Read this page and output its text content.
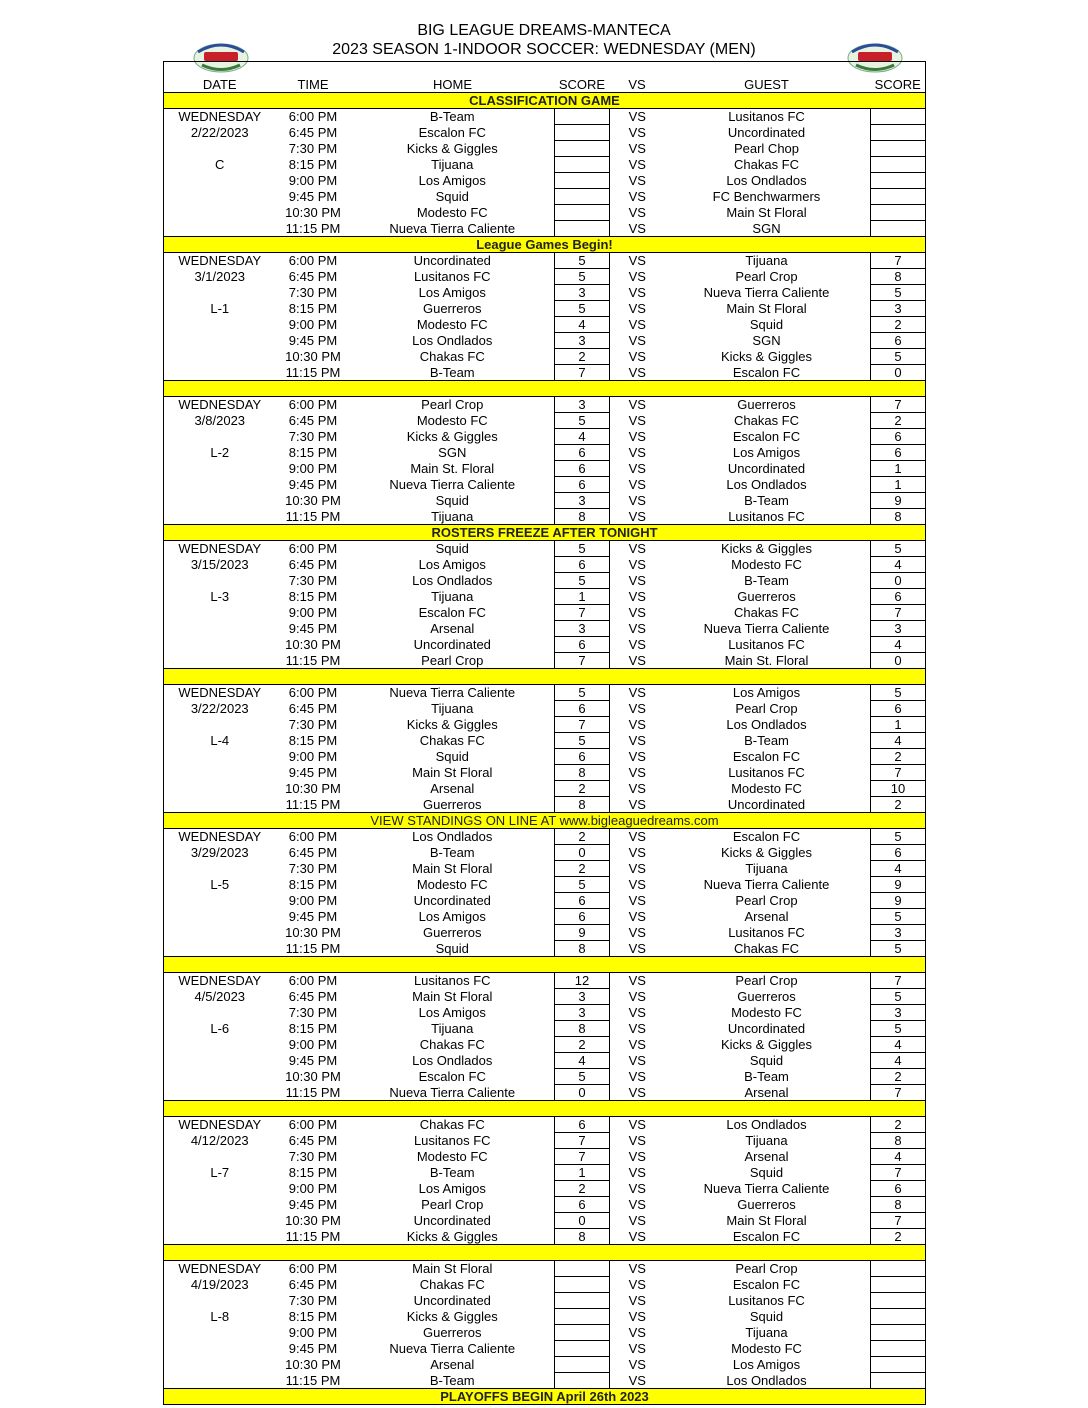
BIG LEAGUE DREAMS-MANTECA
2023 SEASON 1-INDOOR SOCCER: WEDNESDAY (MEN)

DATE	TIME	HOME	SCORE	VS	GUEST		SCORE
CLASSIFICATION GAME							
WEDNESDAY	6:00 PM	B-Team		VS	Lusitanos FC		
2/22/2023	6:45 PM	Escalon FC		VS	Uncordinated		
	7:30 PM	Kicks & Giggles		VS	Pearl Chop		
C	8:15 PM	Tijuana		VS	Chakas FC		
	9:00 PM	Los Amigos		VS	Los Ondlados		
	9:45 PM	Squid		VS	FC Benchwarmers		
	10:30 PM	Modesto FC		VS	Main St Floral		
	11:15 PM	Nueva Tierra Caliente		VS	SGN		
League Games Begin!							
WEDNESDAY	6:00 PM	Uncordinated	5	VS	Tijuana		7
3/1/2023	6:45 PM	Lusitanos FC	5	VS	Pearl Crop		8
	7:30 PM	Los Amigos	3	VS	Nueva Tierra Caliente		5
L-1	8:15 PM	Guerreros	5	VS	Main St Floral		3
	9:00 PM	Modesto FC	4	VS	Squid		2
	9:45 PM	Los Ondlados	3	VS	SGN		6
	10:30 PM	Chakas FC	2	VS	Kicks & Giggles		5
	11:15 PM	B-Team	7	VS	Escalon FC		0

WEDNESDAY	6:00 PM	Pearl Crop	3	VS	Guerreros		7
3/8/2023	6:45 PM	Modesto FC	5	VS	Chakas FC		2
	7:30 PM	Kicks & Giggles	4	VS	Escalon FC		6
L-2	8:15 PM	SGN	6	VS	Los Amigos		6
	9:00 PM	Main St. Floral	6	VS	Uncordinated		1
	9:45 PM	Nueva Tierra Caliente	6	VS	Los Ondlados		1
	10:30 PM	Squid	3	VS	B-Team		9
	11:15 PM	Tijuana	8	VS	Lusitanos FC		8
ROSTERS FREEZE AFTER TONIGHT							
WEDNESDAY	6:00 PM	Squid	5	VS	Kicks & Giggles		5
3/15/2023	6:45 PM	Los Amigos	6	VS	Modesto FC		4
	7:30 PM	Los Ondlados	5	VS	B-Team		0
L-3	8:15 PM	Tijuana	1	VS	Guerreros		6
	9:00 PM	Escalon FC	7	VS	Chakas FC		7
	9:45 PM	Arsenal	3	VS	Nueva Tierra Caliente		3
	10:30 PM	Uncordinated	6	VS	Lusitanos FC		4
	11:15 PM	Pearl Crop	7	VS	Main St. Floral		0

WEDNESDAY	6:00 PM	Nueva Tierra Caliente	5	VS	Los Amigos		5
3/22/2023	6:45 PM	Tijuana	6	VS	Pearl Crop		6
	7:30 PM	Kicks & Giggles	7	VS	Los Ondlados		1
L-4	8:15 PM	Chakas FC	5	VS	B-Team		4
	9:00 PM	Squid	6	VS	Escalon FC		2
	9:45 PM	Main St Floral	8	VS	Lusitanos FC		7
	10:30 PM	Arsenal	2	VS	Modesto FC		10
	11:15 PM	Guerreros	8	VS	Uncordinated		2
VIEW STANDINGS ON LINE AT www.bigleaguedreams.com							
WEDNESDAY	6:00 PM	Los Ondlados	2	VS	Escalon FC		5
3/29/2023	6:45 PM	B-Team	0	VS	Kicks & Giggles		6
	7:30 PM	Main St Floral	2	VS	Tijuana		4
L-5	8:15 PM	Modesto FC	5	VS	Nueva Tierra Caliente		9
	9:00 PM	Uncordinated	6	VS	Pearl Crop		9
	9:45 PM	Los Amigos	6	VS	Arsenal		5
	10:30 PM	Guerreros	9	VS	Lusitanos FC		3
	11:15 PM	Squid	8	VS	Chakas FC		5

WEDNESDAY	6:00 PM	Lusitanos FC	12	VS	Pearl Crop		7
4/5/2023	6:45 PM	Main St Floral	3	VS	Guerreros		5
	7:30 PM	Los Amigos	3	VS	Modesto FC		3
L-6	8:15 PM	Tijuana	8	VS	Uncordinated		5
	9:00 PM	Chakas FC	2	VS	Kicks & Giggles		4
	9:45 PM	Los Ondlados	4	VS	Squid		4
	10:30 PM	Escalon FC	5	VS	B-Team		2
	11:15 PM	Nueva Tierra Caliente	0	VS	Arsenal		7

WEDNESDAY	6:00 PM	Chakas FC	6	VS	Los Ondlados		2
4/12/2023	6:45 PM	Lusitanos FC	7	VS	Tijuana		8
	7:30 PM	Modesto FC	7	VS	Arsenal		4
L-7	8:15 PM	B-Team	1	VS	Squid		7
	9:00 PM	Los Amigos	2	VS	Nueva Tierra Caliente		6
	9:45 PM	Pearl Crop	6	VS	Guerreros		8
	10:30 PM	Uncordinated	0	VS	Main St Floral		7
	11:15 PM	Kicks & Giggles	8	VS	Escalon FC		2

WEDNESDAY	6:00 PM	Main St Floral		VS	Pearl Crop		
4/19/2023	6:45 PM	Chakas FC		VS	Escalon FC		
	7:30 PM	Uncordinated		VS	Lusitanos FC		
L-8	8:15 PM	Kicks & Giggles		VS	Squid		
	9:00 PM	Guerreros		VS	Tijuana		
	9:45 PM	Nueva Tierra Caliente		VS	Modesto FC		
	10:30 PM	Arsenal		VS	Los Amigos		
	11:15 PM	B-Team		VS	Los Ondlados		
PLAYOFFS BEGIN April 26th 2023							
